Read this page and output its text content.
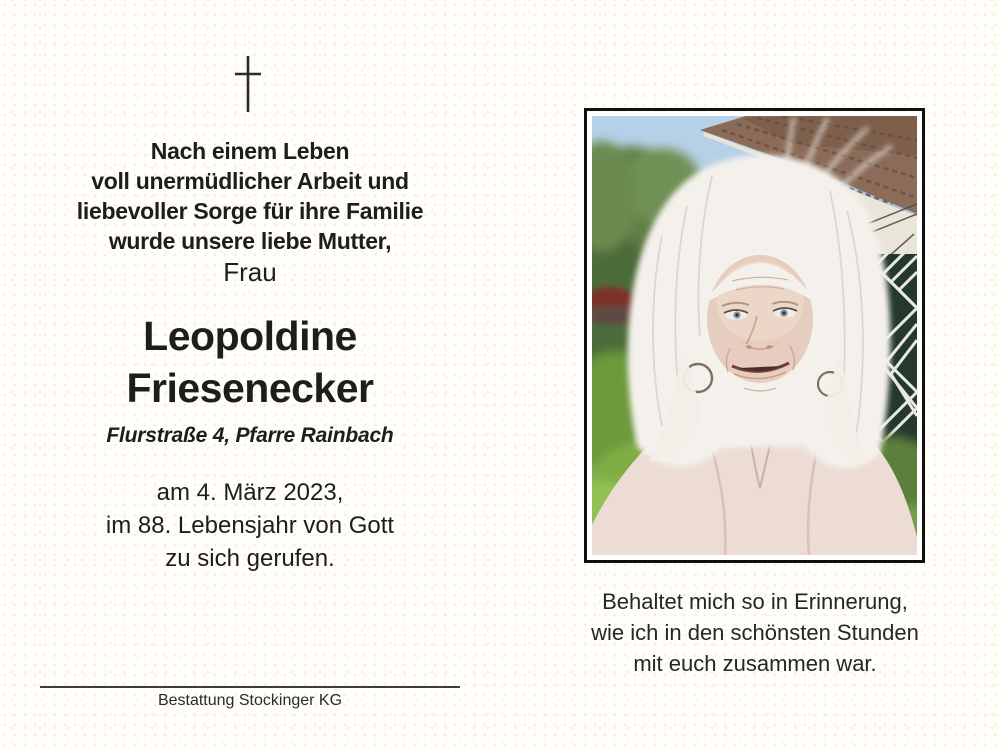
Nach einem Leben
voll unermüdlicher Arbeit und
liebevoller Sorge für ihre Familie
wurde unsere liebe Mutter,
Frau
Leopoldine
Friesenecker
Flurstraße 4, Pfarre Rainbach
am 4. März 2023,
im 88. Lebensjahr von Gott
zu sich gerufen.
Bestattung Stockinger KG
Behaltet mich so in Erinnerung,
wie ich in den schönsten Stunden
mit euch zusammen war.
